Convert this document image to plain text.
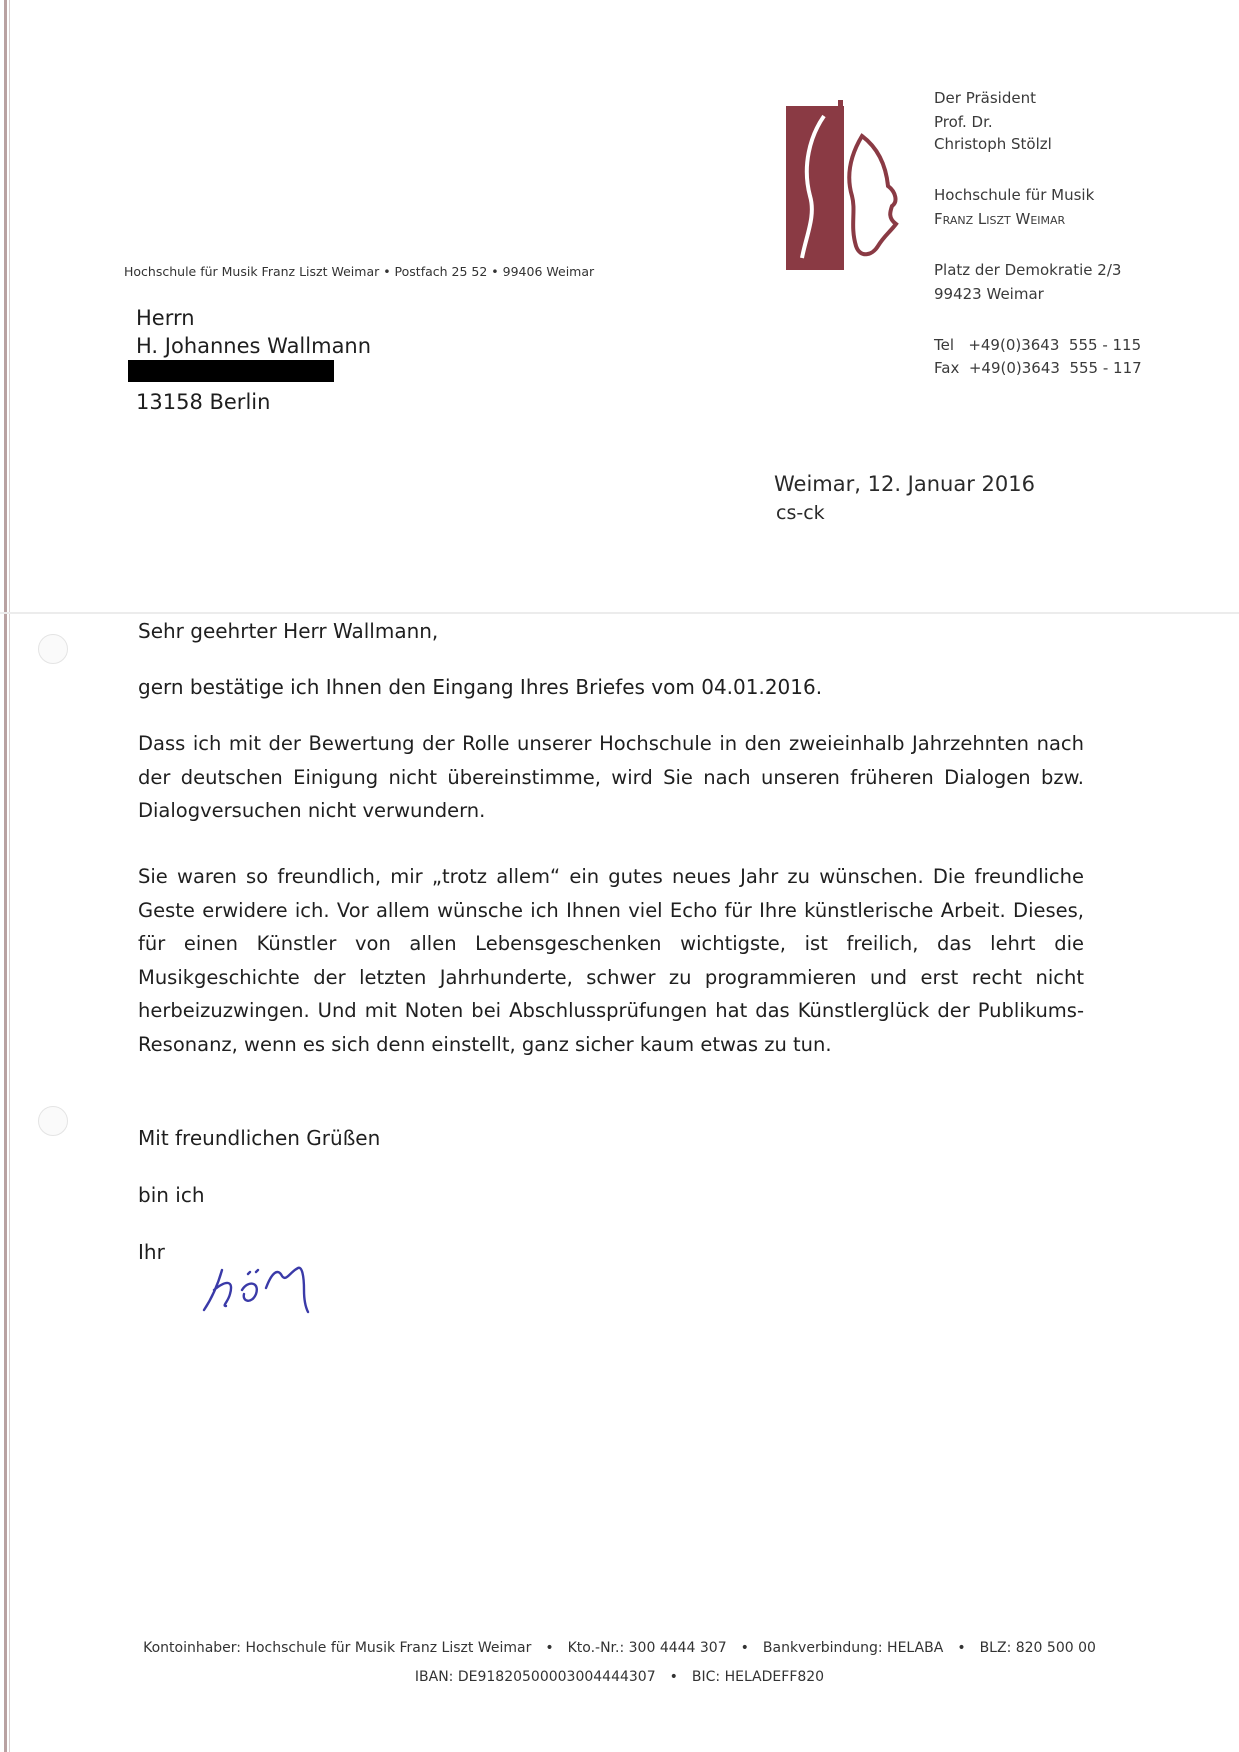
Der Präsident

Prof. Dr.

Christoph Stölzl

Hochschule für Musik

Franz Liszt Weimar

Platz der Demokratie 2/3

99423 Weimar

Tel   +49(0)3643  555 - 115

Fax  +49(0)3643  555 - 117

Hochschule für Musik Franz Liszt Weimar • Postfach 25 52 • 99406 Weimar

Herrn

H. Johannes Wallmann

13158 Berlin

Weimar, 12. Januar 2016

cs-ck

Sehr geehrter Herr Wallmann,

gern bestätige ich Ihnen den Eingang Ihres Briefes vom 04.01.2016.

Dass ich mit der Bewertung der Rolle unserer Hochschule in den zweieinhalb Jahrzehnten nach der deutschen Einigung nicht übereinstimme, wird Sie nach unseren früheren Dialogen bzw. Dialogversuchen nicht verwundern.

Sie waren so freundlich, mir „trotz allem“ ein gutes neues Jahr zu wünschen. Die freundliche Geste erwidere ich. Vor allem wünsche ich Ihnen viel Echo für Ihre künstlerische Arbeit. Dieses, für einen Künstler von allen Lebensgeschenken wichtigste, ist freilich, das lehrt die Musikgeschichte der letzten Jahrhunderte, schwer zu programmieren und erst recht nicht herbeizuzwingen. Und mit Noten bei Abschlussprüfungen hat das Künstlerglück der Publikums-Resonanz, wenn es sich denn einstellt, ganz sicher kaum etwas zu tun.

Mit freundlichen Grüßen

bin ich

Ihr

Kontoinhaber: Hochschule für Musik Franz Liszt Weimar • Kto.-Nr.: 300 4444 307 • Bankverbindung: HELABA • BLZ: 820 500 00

IBAN: DE91820500003004444307 • BIC: HELADEFF820
